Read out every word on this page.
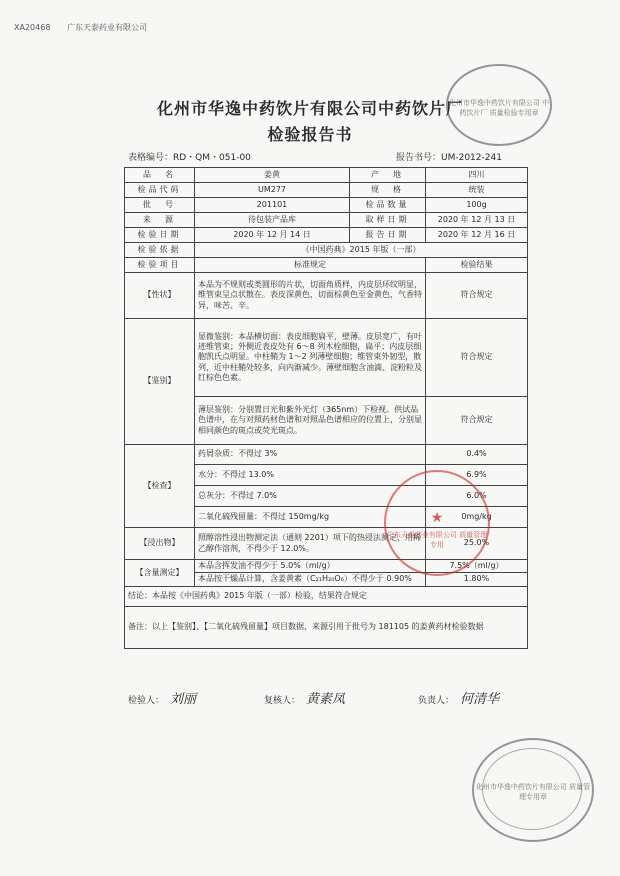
XA20468 广东天泰药业有限公司
化州市华逸中药饮片有限公司中药饮片厂
检验报告书
表格编号：RD・QM・051-00	报告书号：UM-2012-241
品　名	姜黄	产　地	四川
检品代码	UM277	规　格	统装
批　号	201101	检品数量	100g
来　源	待包装产品库	取样日期	2020 年 12 月 13 日
检验日期	2020 年 12 月 14 日	报告日期	2020 年 12 月 16 日
检验依据	《中国药典》2015 年版（一部）		
检验项目	标准规定		检验结果
【性状】	本品为不规则或类圆形的片状，切面角质样，内皮层环纹明显，维管束呈点状散在。表皮深黄色，切面棕黄色至金黄色，气香特异，味苦、辛。		符合规定
【鉴别】	显微鉴别：本品横切面：表皮细胞扁平，壁薄。皮层宽广，有叶迹维管束；外侧近表皮处有 6～8 列木栓细胞，扁平；内皮层细胞凯氏点明显。中柱鞘为 1～2 列薄壁细胞；维管束外韧型，散列，近中柱鞘处较多，向内渐减少。薄壁细胞含油滴、淀粉粒及红棕色色素。		符合规定
	薄层鉴别：分别置日光和紫外光灯（365nm）下检视。供试品色谱中，在与对照药材色谱和对照品色谱相应的位置上，分别显相同颜色的斑点或荧光斑点。		符合规定
【检查】	药屑杂质：不得过 3%		0.4%
	水分：不得过 13.0%		6.9%
	总灰分：不得过 7.0%		6.0%
	二氧化硫残留量：不得过 150mg/kg		0mg/kg
【浸出物】	照醇溶性浸出物测定法（通则 2201）项下的热浸法测定，用稀乙醇作溶剂，不得少于 12.0%。		25.0%
【含量测定】	本品含挥发油不得少于 5.0%（ml/g）		7.5%（ml/g）
	本品按干燥品计算，含姜黄素（C₂₁H₂₀O₆）不得少于 0.90%		1.80%
结论：本品按《中国药典》2015 年版（一部）检验，结果符合规定			
备注：以上【鉴别】、【二氧化硫残留量】项目数据，来源引用于批号为 181105 的姜黄药材检验数据			
检验人： 刘丽	复核人： 黄素凤	负责人： 何清华
化州市华逸中药饮片有限公司 中药饮片厂 质量检验专用章
★
广东天泰药业有限公司 质量管理专用
化州市华逸中药饮片有限公司 质量管理专用章
